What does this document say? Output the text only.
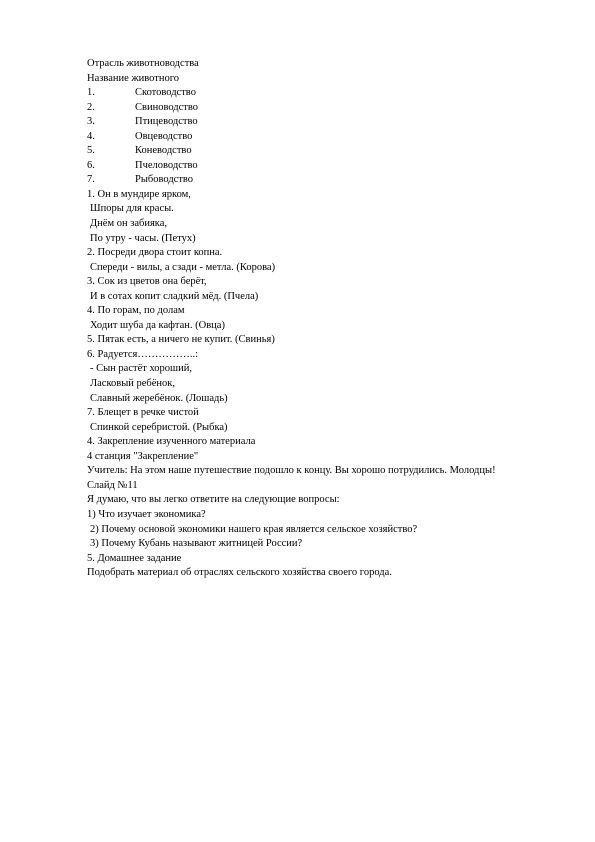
Отрасль животноводства
Название животного
1.	Скотоводство
2.	Свиноводство
3.	Птицеводство
4.	Овцеводство
5.	Коневодство
6.	Пчеловодство
7.	Рыбоводство
1. Он в мундире ярком,
Шпоры для красы.
Днём он забияка,
По утру - часы. (Петух)
2. Посреди двора стоит копна.
Спереди - вилы, а сзади - метла. (Корова)
3. Сок из цветов она берёт,
И в сотах копит сладкий мёд. (Пчела)
4. По горам, по долам
Ходит шуба да кафтан. (Овца)
5. Пятак есть, а ничего не купит. (Свинья)
6. Радуется……………..:
- Сын растёт хороший,
Ласковый ребёнок,
Славный жеребёнок. (Лошадь)
7. Блещет в речке чистой
Спинкой серебристой. (Рыбка)
4. Закрепление изученного материала
4 станция "Закрепление"
Учитель: На этом наше путешествие подошло к концу. Вы хорошо потрудились. Молодцы!
Слайд №11
Я думаю, что вы легко ответите на следующие вопросы:
1) Что изучает экономика?
2) Почему основой экономики нашего края является сельское хозяйство?
3) Почему Кубань называют житницей России?
5. Домашнее задание
Подобрать материал об отраслях сельского хозяйства своего города.
